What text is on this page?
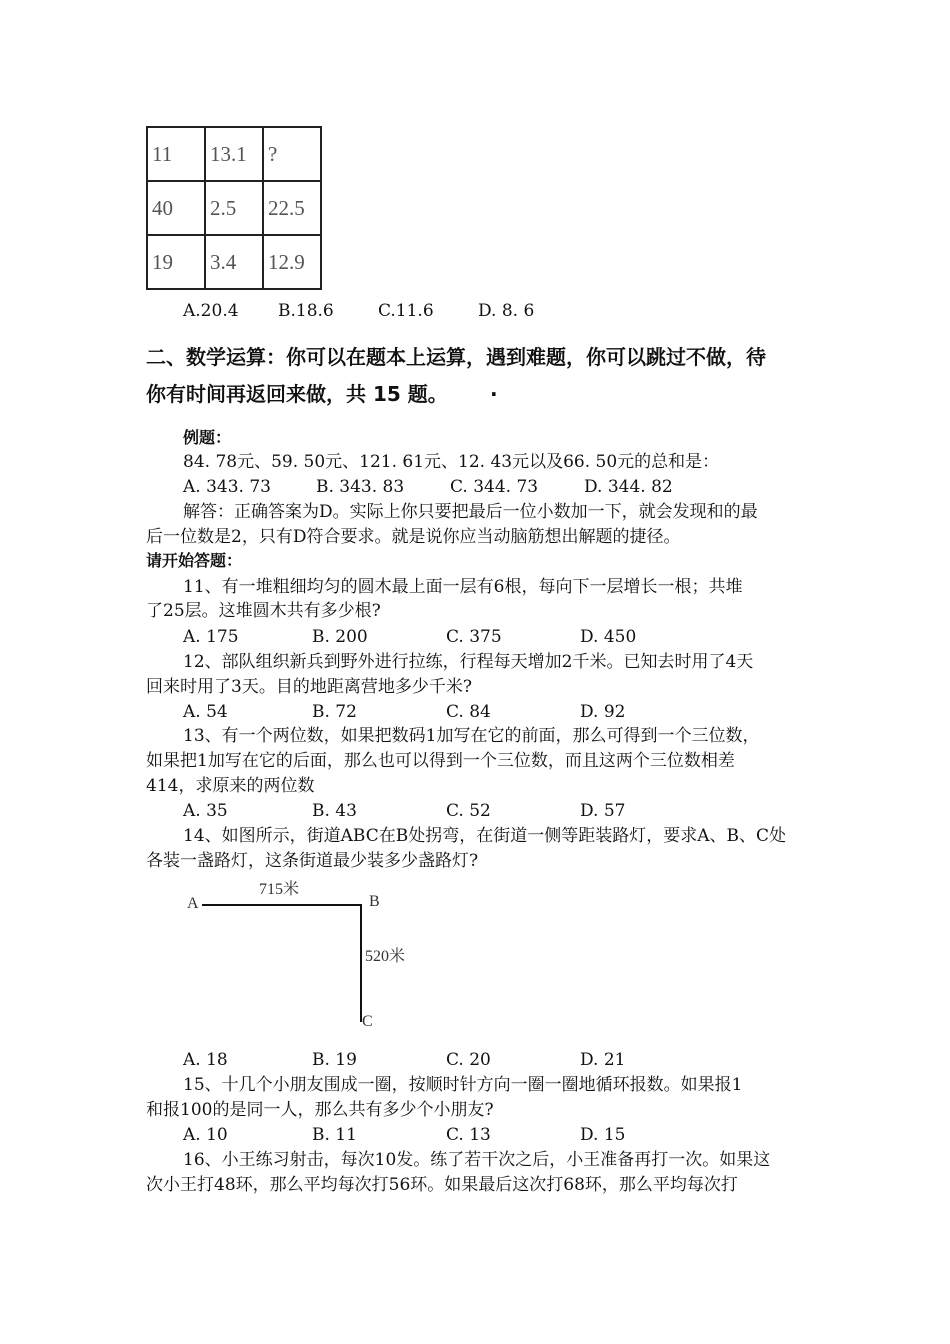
11	13.1	?
40	2.5	22.5
19	3.4	12.9
A.20.4 B.18.6	C.11.6	D. 8. 6
二、数学运算：你可以在题本上运算，遇到难题，你可以跳过不做，待
你有时间再返回来做，共 15 题。 ·
例题：
84. 78元、59. 50元、121. 61元、12. 43元以及66. 50元的总和是：
A. 343. 73	B. 343. 83	C. 344. 73	D. 344. 82
解答：正确答案为D。实际上你只要把最后一位小数加一下，就会发现和的最
后一位数是2，只有D符合要求。就是说你应当动脑筋想出解题的捷径。
请开始答题：
11、有一堆粗细均匀的圆木最上面一层有6根，每向下一层增长一根；共堆
了25层。这堆圆木共有多少根?
A. 175	B. 200	C. 375	D. 450
12、部队组织新兵到野外进行拉练，行程每天增加2千米。已知去时用了4天
回来时用了3天。目的地距离营地多少千米?
A. 54	B. 72	C. 84	D. 92
13、有一个两位数，如果把数码1加写在它的前面，那么可得到一个三位数，
如果把1加写在它的后面，那么也可以得到一个三位数，而且这两个三位数相差
414，求原来的两位数
A. 35	B. 43	C. 52	D. 57
14、如图所示，街道ABC在B处拐弯，在街道一侧等距装路灯，要求A、B、C处
各装一盏路灯，这条街道最少装多少盏路灯?
A	B
C
715米
520米
A. 18	B. 19	C. 20	D. 21
15、十几个小朋友围成一圈，按顺时针方向一圈一圈地循环报数。如果报1
和报100的是同一人，那么共有多少个小朋友?
A. 10	B. 11	C. 13	D. 15
16、小王练习射击，每次10发。练了若干次之后，小王准备再打一次。如果这
次小王打48环，那么平均每次打56环。如果最后这次打68环，那么平均每次打
